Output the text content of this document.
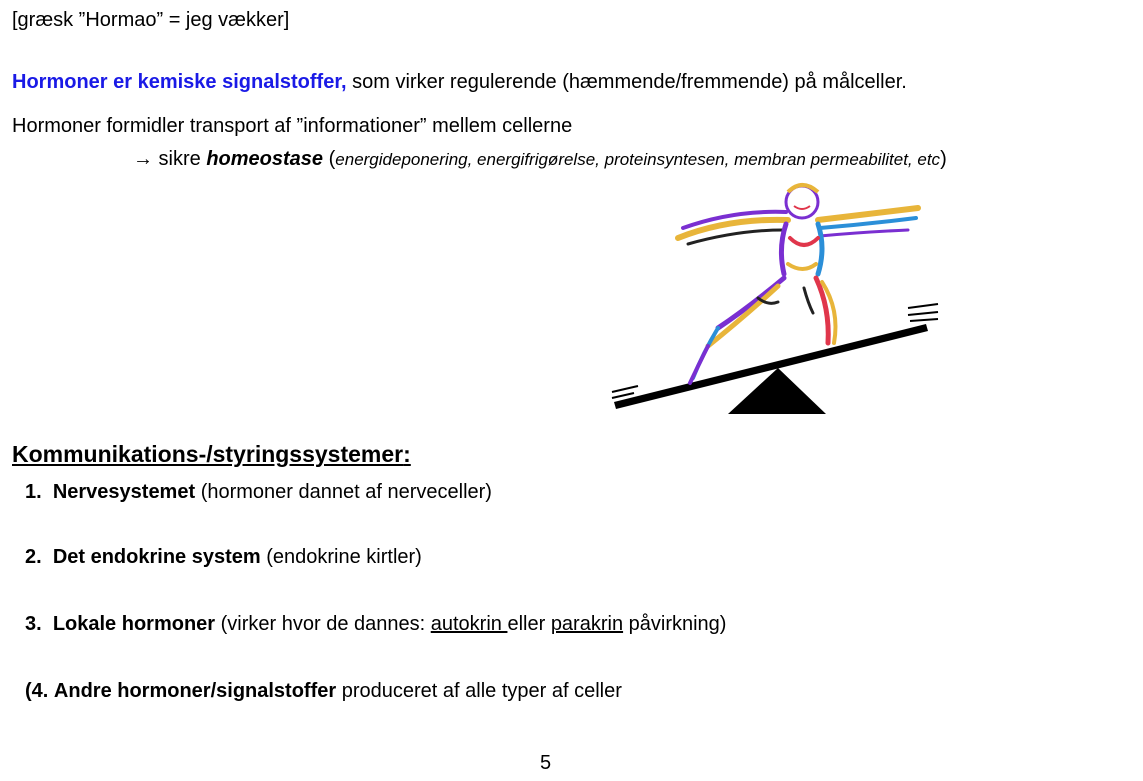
[græsk ”Hormao” = jeg vækker]
Hormoner er kemiske signalstoffer, som virker regulerende (hæmmende/fremmende) på målceller.
Hormoner formidler transport af ”informationer” mellem cellerne
→ sikre homeostase (energideponering, energifrigørelse, proteinsyntesen, membran permeabilitet, etc)
Kommunikations-/styringssystemer:
1. Nervesystemet (hormoner dannet af nerveceller)
2. Det endokrine system (endokrine kirtler)
3. Lokale hormoner (virker hvor de dannes: autokrin eller parakrin påvirkning)
(4. Andre hormoner/signalstoffer produceret af alle typer af celler
5
